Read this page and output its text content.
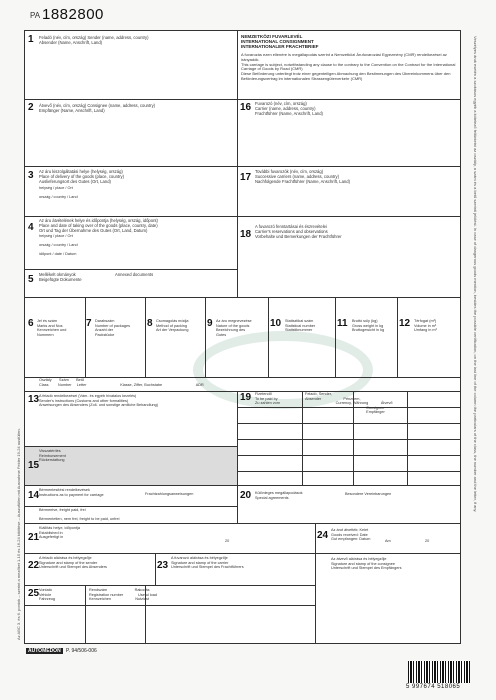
PA 1882800
Az ABC 3. és 6. pontok – szerint a mezőket 1-15 és 16-24 kitöltése – Auszufüllen mit Ausnahme Felder 19-24 ausfüllen.
Veszélyes áruk esetén a szokásos egyéb a kötelező feltüntetni az osztály, a szám és a betű szerinti jelölést. In case of dangerous goods mention, besides the possible certification, on the last line of the column the particulars of the class, the number and the letter, if any.
1 Feladó (név, cím, ország) Sender (name, address, country)
Absender (Name, Anschrift, Land)
2 Átvevő (név, cím, ország) Consignee (name, address, country)
Empfänger (Name, Anschrift, Land)
3 Az áru kiszolgáltatási helye (helység, ország)
Place of delivery of the goods (place, country)
Auslieferungsort des Gutes (Ort, Land)
helység / place / Ort

ország / country / Land
4
Az áru átvételének helye és időpontja (helység, ország, időpont)
Place and date of taking over of the goods (place, country, date)
Ort und Tag der Übernahme des Gutes (Ort, Land, Datum)
helység / place / Ort

ország / country / Land

időpont / date / Datum
5 Mellékelt okmányok
Beigefügte Dokumente
Annexed documents
6 Jel és szám
Marks and Nos
Kennzeichen und
Nummern
7 Darabszám
Number of packages
Anzahl der
Packstücke
8 Csomagolás módja
Method of packing
Art der Verpackung
9 Az áru megnevezése
Nature of the goods
Bezeichnung des
Gutes
10 Statisztikai szám
Statistical number
Statistiknummer
11 Bruttó súly (kg)
Gross weight in kg
Bruttogewicht in kg
12 Térfogat (m³)
Volume in m³
Umfang in m³
Osztály       Szám       Betű
Class         Number     Letter                                Klasse, Ziffer, Buchstabe                                ADR
13 A feladó rendelkezései (Vám- és egyéb hivatalos kezelés)
Sender's instructions (Customs and other formalities)
Anweisungen des Absenders (Zoll- und sonstige amtliche Behandlung)
14 Bérmentesítési rendelkezések
Instructions as to payment for carriage	Frachtzahlungsanweisungen
Bérmentve, freight paid, frei

Bérmentetlen, nem frei, freight to be paid, unfrei
15
Visszatérítés
Reimbursement
Rückerstattung
16 Fuvarozó (név, cím, ország)
Carrier (name, address, country)
Frachtführer (Name, Anschrift, Land)
17
További fuvarozók (név, cím, ország)
Successive carriers (name, address, country)
Nachfolgende Frachtführer (Name, Anschrift, Land)
18
A fuvarozó fenntartásai és észrevételei
Carrier's reservations and observations
Vorbehalte und Bemerkungen der Frachtführer
19 Fizetendő
To be paid by
Zu zahlen vom
Feladó, Sender,
Absender                     Pénznem,
Currency, Währung            Átvevő
Consignee
Empfänger
20 Különleges megállapodások
Special agreements
Besondere Vereinbarungen
21
Kiállítás helye, időpontja
Established in
Ausgefertigt in
20
22
A feladó aláírása és bélyegzője
Signature and stamp of the sender
Unterschrift und Stempel des Absenders	23
A fuvarozó aláírása és bélyegzője
Signature and stamp of the carrier
Unterschrift und Stempel des Frachtführers
24 Az árut átvették: Kelet
Goods received: Date
Gut empfangen: Datum	Am	20
Az átvevő aláírása és bélyegzője
Signature and stamp of the consignee
Unterschrift und Stempel des Empfängers
25 Vontató
Vehicle
Fahrzeug
Rendszám                          Rakodás
Registration number              Useful load
Kennzeichen                       Nutzlast
NEMZETKÖZI FUVARLEVÉL
INTERNATIONAL CONSIGNMENT
INTERNATIONALER FRACHTBRIEF
A fuvarozás ezen ellenére is megállapodás szerint a Nemzetközi Árufuvarozási Egyezmény (CMR) rendelkezései az irányadók.
This carriage is subject, notwithstanding any clause to the contrary to the Convention on the Contract for the International Carriage of Goods by Road (CMR)
Diese Beförderung unterliegt trotz einer gegenteiligen Abmachung den Bestimmungen des Übereinkommens über den Beförderungsvertrag im internationalen Strassengüterverkehr (CMR)
AUTOMEDON	P. 94/506-006
5 997674 518065
